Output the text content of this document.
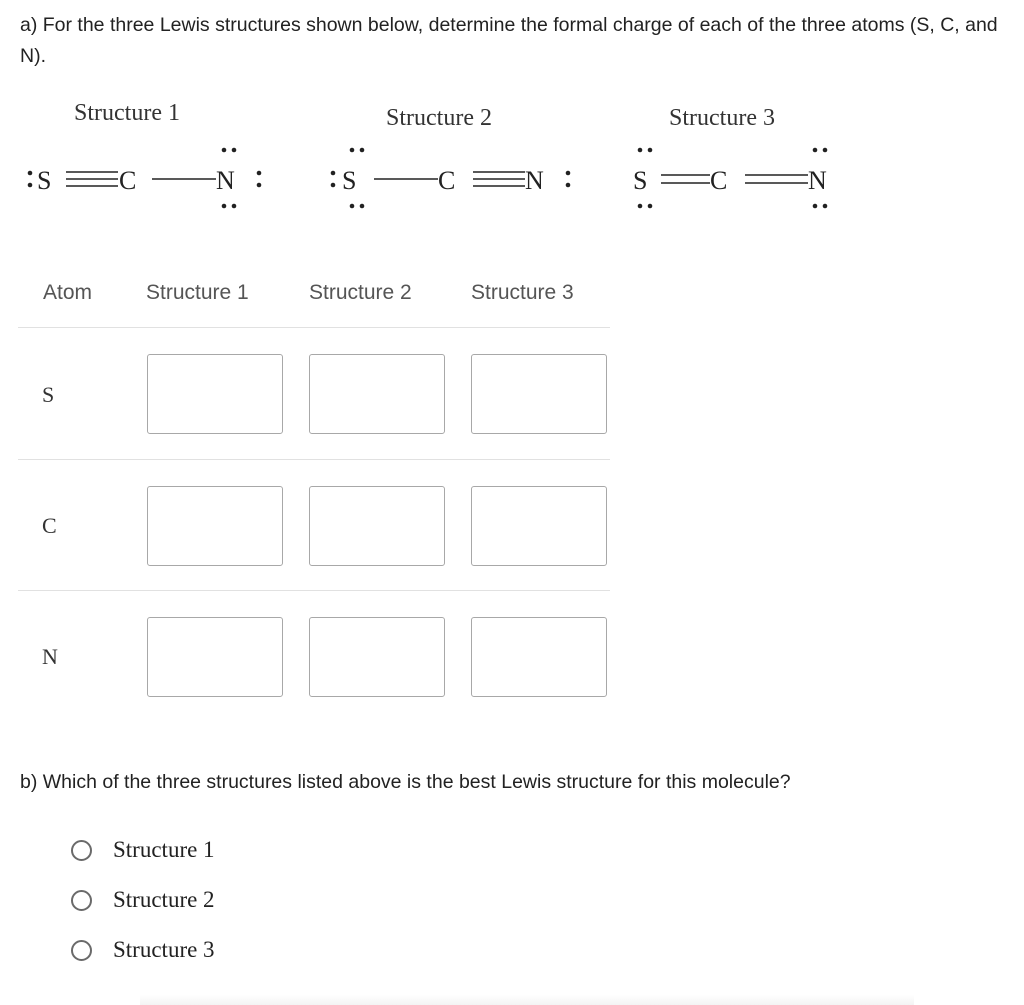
a) For the three Lewis structures shown below, determine the formal charge of each of the three atoms (S, C, and N).

Structure 1	Structure 2	Structure 3
S	C	N	S	C	N	S C	N
Atom	Structure 1	Structure 2	Structure 3
S
C
N

b) Which of the three structures listed above is the best Lewis structure for this molecule?

Structure 1
Structure 2
Structure 3
